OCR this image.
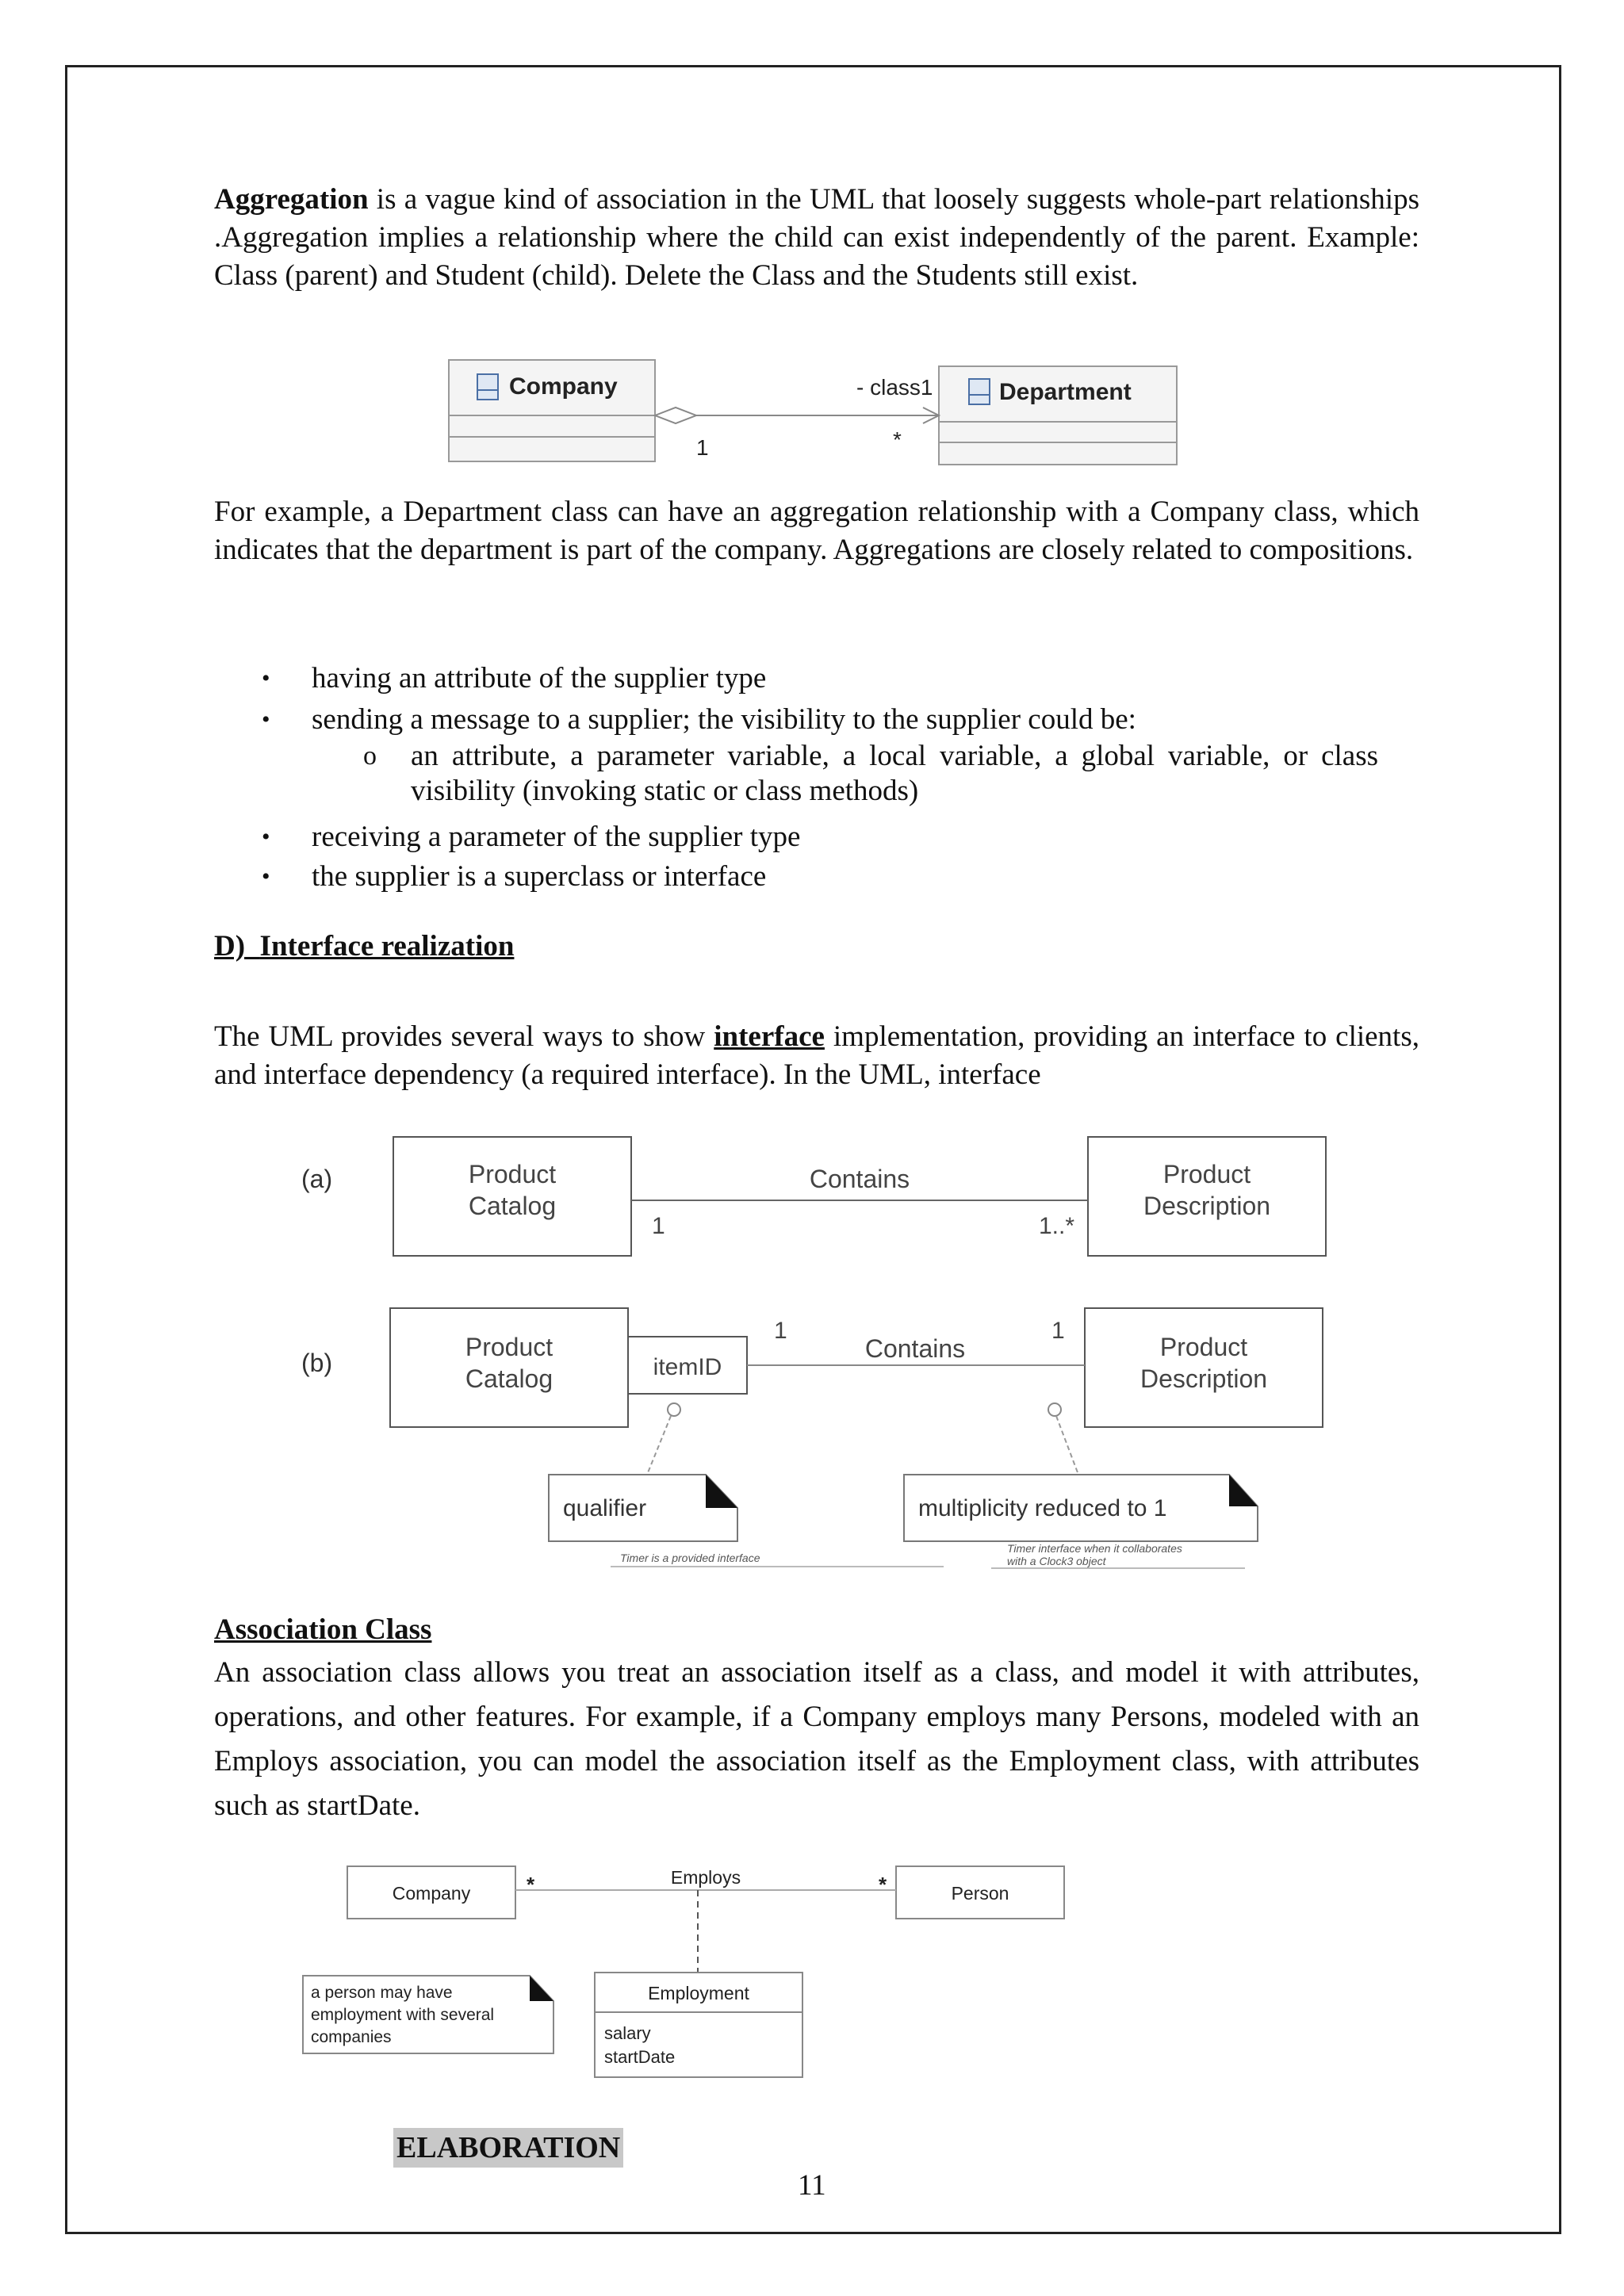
Aggregation is a vague kind of association in the UML that loosely suggests whole-part relationships .Aggregation implies a relationship where the child can exist independently of the parent. Example: Class (parent) and Student (child). Delete the Class and the Students still exist.
Company	Department
- class1
1	*
For example, a Department class can have an aggregation relationship with a Company class, which indicates that the department is part of the company. Aggregations are closely related to compositions.
• having an attribute of the supplier type
• sending a message to a supplier; the visibility to the supplier could be:
o an attribute, a parameter variable, a local variable, a global variable, or class visibility (invoking static or class methods)
• receiving a parameter of the supplier type
• the supplier is a superclass or interface
D) Interface realization
The UML provides several ways to show interface implementation, providing an interface to clients, and interface dependency (a required interface). In the UML, interface
(a)	Product
Catalog
Product
Description
Contains
1	1..*
(b)
Product
Catalog	itemID
Product
Description
Contains
1	1
qualifier	multiplicity reduced to 1
Timer is a provided interface
Timer interface when it collaborates
with a Clock3 object
Association Class
An association class allows you treat an association itself as a class, and model it with attributes, operations, and other features. For example, if a Company employs many Persons, modeled with an Employs association, you can model the association itself as the Employment class, with attributes such as startDate.
Company	Person
Employs
*	*
Employment
salary
startDate
a person may have
employment with several
companies
ELABORATION
11
